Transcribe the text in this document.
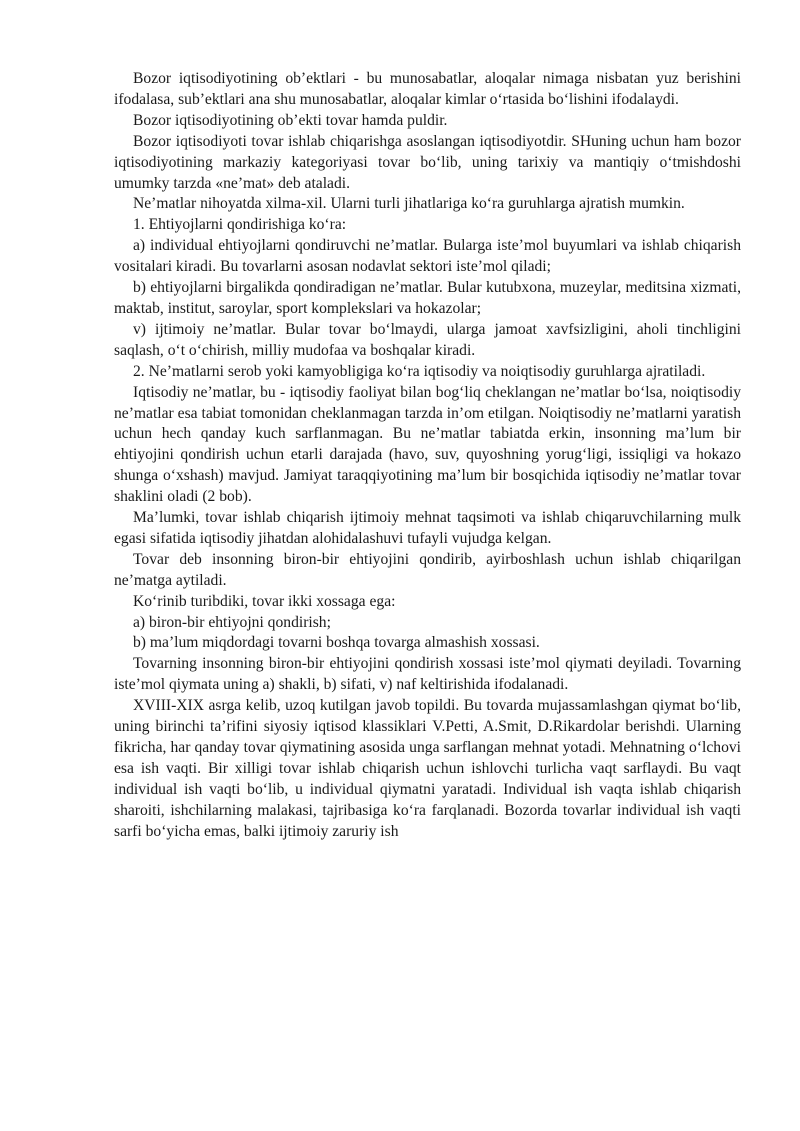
Bozor iqtisodiyotining ob’ektlari - bu munosabatlar, aloqalar nimaga nisbatan yuz berishini ifodalasa, sub’ektlari ana shu munosabatlar, aloqalar kimlar o‘rtasida bo‘lishini ifodalaydi.

Bozor iqtisodiyotining ob’ekti tovar hamda puldir.

Bozor iqtisodiyoti tovar ishlab chiqarishga asoslangan iqtisodiyotdir. SHuning uchun ham bozor iqtisodiyotining markaziy kategoriyasi tovar bo‘lib, uning tarixiy va mantiqiy o‘tmishdoshi umumky tarzda «ne’mat» deb ataladi.

Ne’matlar nihoyatda xilma-xil. Ularni turli jihatlariga ko‘ra guruhlarga ajratish mumkin.

1. Ehtiyojlarni qondirishiga ko‘ra:

a) individual ehtiyojlarni qondiruvchi ne’matlar. Bularga iste’mol buyumlari va ishlab chiqarish vositalari kiradi. Bu tovarlarni asosan nodavlat sektori iste’mol qiladi;

b) ehtiyojlarni birgalikda qondiradigan ne’matlar. Bular kutubxona, muzeylar, meditsina xizmati, maktab, institut, saroylar, sport komplekslari va hokazolar;

v) ijtimoiy ne’matlar. Bular tovar bo‘lmaydi, ularga jamoat xavfsizligini, aholi tinchligini saqlash, o‘t o‘chirish, milliy mudofaa va boshqalar kiradi.

2. Ne’matlarni serob yoki kamyobligiga ko‘ra iqtisodiy va noiqtisodiy guruhlarga ajratiladi.

Iqtisodiy ne’matlar, bu - iqtisodiy faoliyat bilan bog‘liq cheklangan ne’matlar bo‘lsa, noiqtisodiy ne’matlar esa tabiat tomonidan cheklanmagan tarzda in’om etilgan. Noiqtisodiy ne’matlarni yaratish uchun hech qanday kuch sarflanmagan. Bu ne’matlar tabiatda erkin, insonning ma’lum bir ehtiyojini qondirish uchun etarli darajada (havo, suv, quyoshning yorug‘ligi, issiqligi va hokazo shunga o‘xshash) mavjud. Jamiyat taraqqiyotining ma’lum bir bosqichida iqtisodiy ne’matlar tovar shaklini oladi (2 bob).

Ma’lumki, tovar ishlab chiqarish ijtimoiy mehnat taqsimoti va ishlab chiqaruvchilarning mulk egasi sifatida iqtisodiy jihatdan alohidalashuvi tufayli vujudga kelgan.

Tovar deb insonning biron-bir ehtiyojini qondirib, ayirboshlash uchun ishlab chiqarilgan ne’matga aytiladi.

Ko‘rinib turibdiki, tovar ikki xossaga ega:

a) biron-bir ehtiyojni qondirish;

b) ma’lum miqdordagi tovarni boshqa tovarga almashish xossasi.

Tovarning insonning biron-bir ehtiyojini qondirish xossasi iste’mol qiymati deyiladi. Tovarning iste’mol qiymata uning a) shakli, b) sifati, v) naf keltirishida ifodalanadi.

XVIII-XIX asrga kelib, uzoq kutilgan javob topildi. Bu tovarda mujassamlashgan qiymat bo‘lib, uning birinchi ta’rifini siyosiy iqtisod klassiklari V.Petti, A.Smit, D.Rikardolar berishdi. Ularning fikricha, har qanday tovar qiymatining asosida unga sarflangan mehnat yotadi. Mehnatning o‘lchovi esa ish vaqti. Bir xilligi tovar ishlab chiqarish uchun ishlovchi turlicha vaqt sarflaydi. Bu vaqt individual ish vaqti bo‘lib, u individual qiymatni yaratadi. Individual ish vaqta ishlab chiqarish sharoiti, ishchilarning malakasi, tajribasiga ko‘ra farqlanadi. Bozorda tovarlar individual ish vaqti sarfi bo‘yicha emas, balki ijtimoiy zaruriy ish
